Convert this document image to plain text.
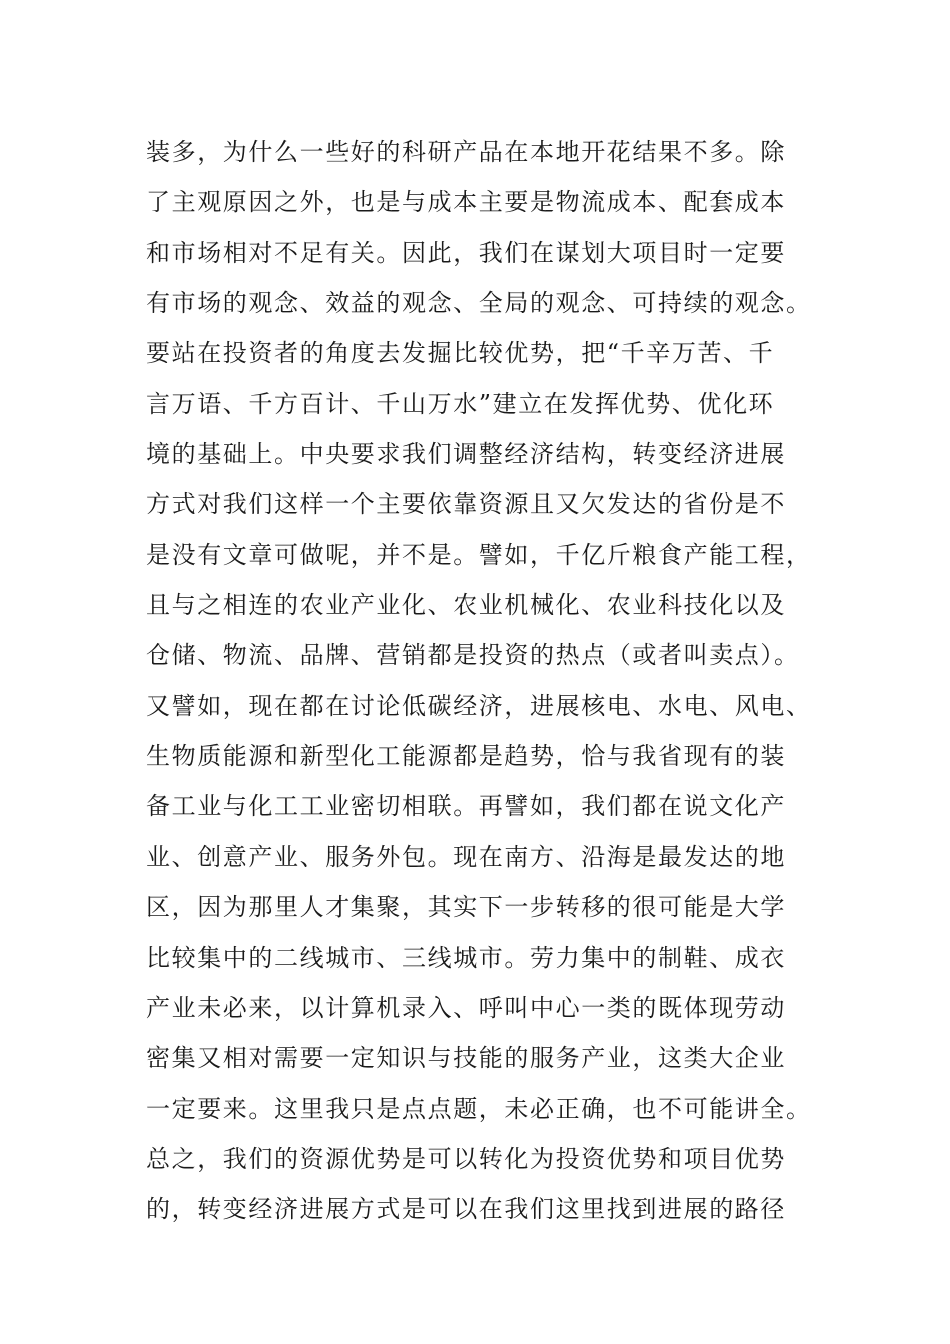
装多，为什么一些好的科研产品在本地开花结果不多。除
了主观原因之外，也是与成本主要是物流成本、配套成本
和市场相对不足有关。因此，我们在谋划大项目时一定要
有市场的观念、效益的观念、全局的观念、可持续的观念。
要站在投资者的角度去发掘比较优势，把“千辛万苦、千
言万语、千方百计、千山万水”建立在发挥优势、优化环
境的基础上。中央要求我们调整经济结构，转变经济进展
方式对我们这样一个主要依靠资源且又欠发达的省份是不
是没有文章可做呢，并不是。譬如，千亿斤粮食产能工程，
且与之相连的农业产业化、农业机械化、农业科技化以及
仓储、物流、品牌、营销都是投资的热点（或者叫卖点）。
又譬如，现在都在讨论低碳经济，进展核电、水电、风电、
生物质能源和新型化工能源都是趋势，恰与我省现有的装
备工业与化工工业密切相联。再譬如，我们都在说文化产
业、创意产业、服务外包。现在南方、沿海是最发达的地
区，因为那里人才集聚，其实下一步转移的很可能是大学
比较集中的二线城市、三线城市。劳力集中的制鞋、成衣
产业未必来，以计算机录入、呼叫中心一类的既体现劳动
密集又相对需要一定知识与技能的服务产业，这类大企业
一定要来。这里我只是点点题，未必正确，也不可能讲全。
总之，我们的资源优势是可以转化为投资优势和项目优势
的，转变经济进展方式是可以在我们这里找到进展的路径
